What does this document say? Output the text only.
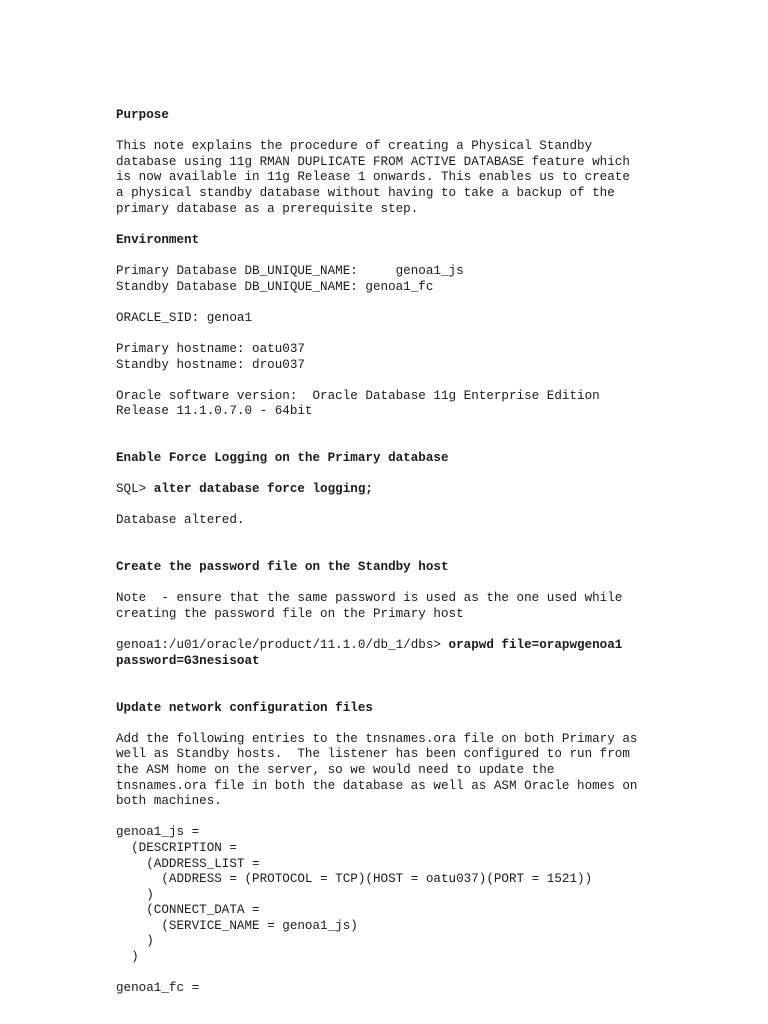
Purpose
This note explains the procedure of creating a Physical Standby
database using 11g RMAN DUPLICATE FROM ACTIVE DATABASE feature which
is now available in 11g Release 1 onwards. This enables us to create
a physical standby database without having to take a backup of the
primary database as a prerequisite step.
Environment
Primary Database DB_UNIQUE_NAME:     genoa1_js
Standby Database DB_UNIQUE_NAME: genoa1_fc
ORACLE_SID: genoa1
Primary hostname: oatu037
Standby hostname: drou037
Oracle software version:  Oracle Database 11g Enterprise Edition
Release 11.1.0.7.0 - 64bit
Enable Force Logging on the Primary database
SQL> alter database force logging;
Database altered.
Create the password file on the Standby host
Note  - ensure that the same password is used as the one used while
creating the password file on the Primary host
genoa1:/u01/oracle/product/11.1.0/db_1/dbs> orapwd file=orapwgenoa1
password=G3nesisoat
Update network configuration files
Add the following entries to the tnsnames.ora file on both Primary as
well as Standby hosts.  The listener has been configured to run from
the ASM home on the server, so we would need to update the
tnsnames.ora file in both the database as well as ASM Oracle homes on
both machines.
genoa1_js =
(DESCRIPTION =
(ADDRESS_LIST =
(ADDRESS = (PROTOCOL = TCP)(HOST = oatu037)(PORT = 1521))
)
(CONNECT_DATA =
(SERVICE_NAME = genoa1_js)
)
)
genoa1_fc =
